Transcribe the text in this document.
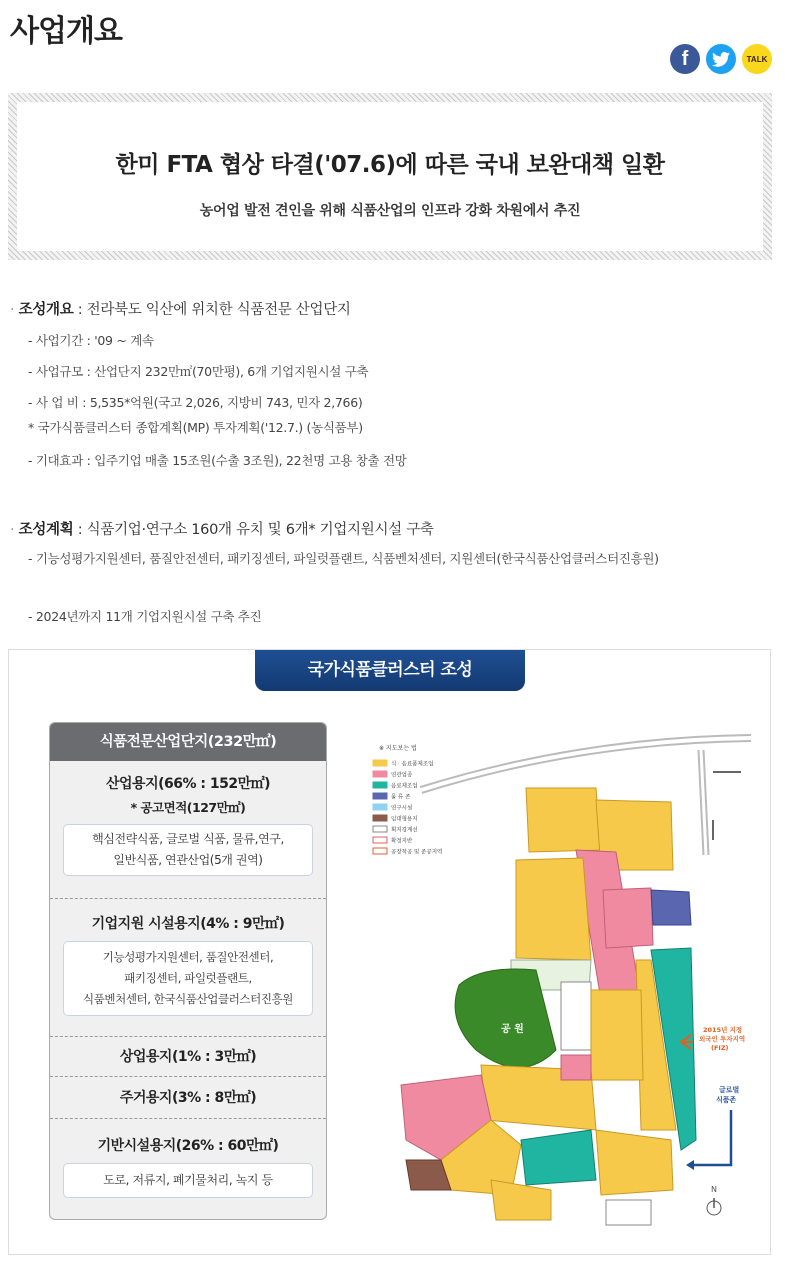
사업개요
f	TALK
한미 FTA 협상 타결('07.6)에 따른 국내 보완대책 일환
농어업 발전 견인을 위해 식품산업의 인프라 강화 차원에서 추진
· 조성개요 : 전라북도 익산에 위치한 식품전문 산업단지
- 사업기간 : '09 ~ 계속
- 사업규모 : 산업단지 232만㎡(70만평), 6개 기업지원시설 구축
- 사 업 비 : 5,535*억원(국고 2,026, 지방비 743, 민자 2,766)
* 국가식품클러스터 종합계획(MP) 투자계획('12.7.) (농식품부)
- 기대효과 : 입주기업 매출 15조원(수출 3조원), 22천명 고용 창출 전망
· 조성계획 : 식품기업·연구소 160개 유치 및 6개* 기업지원시설 구축
- 기능성평가지원센터, 품질안전센터, 패키징센터, 파일럿플랜트, 식품벤처센터, 지원센터(한국식품산업클러스터진흥원)
- 2024년까지 11개 기업지원시설 구축 추진
국가식품클러스터 조성
식품전문산업단지(232만㎡)
산업용지(66% : 152만㎡)
* 공고면적(127만㎡)
핵심전략식품, 글로벌 식품, 물류,연구,
일반식품, 연관산업(5개 권역)
기업지원 시설용지(4% : 9만㎡)
기능성평가지원센터, 품질안전센터,
패키징센터, 파일럿플랜트,
식품벤처센터, 한국식품산업클러스터진흥원
상업용지(1% : 3만㎡)
주거용지(3% : 8만㎡)
기반시설용지(26% : 60만㎡)
도로, 저류지, 폐기물처리, 녹지 등
※ 지도보는 법
식 · 음료품제조업
연관업종
음료제조업
물 류 존
연구시설
임대형용지
획지경계선
확정지반
공장착공 및 준공지역
공 원	2015년 지정
외국인 투자지역
(FIZ)
글로벌
식품존
N
